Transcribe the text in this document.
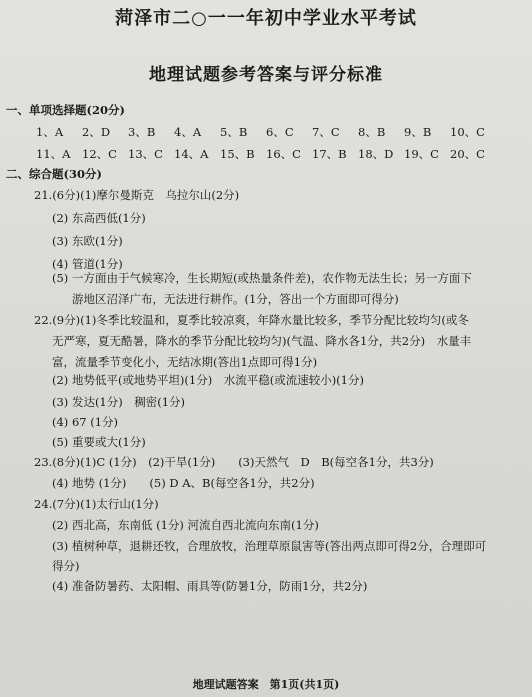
菏泽市二○一一年初中学业水平考试
地理试题参考答案与评分标准
一、单项选择题(20分)
1、A 2、D 3、B 4、A 5、B 6、C 7、C 8、B 9、B 10、C
11、A 12、C 13、C 14、A 15、B 16、C 17、B 18、D 19、C 20、C
二、综合题(30分)
21.(6分)(1)摩尔曼斯克　乌拉尔山(2分)
(2) 东高西低(1分)
(3) 东欧(1分)
(4) 管道(1分)
(5) 一方面由于气候寒冷，生长期短(或热量条件差)，农作物无法生长；另一方面下
游地区沼泽广布，无法进行耕作。(1分，答出一个方面即可得分)
22.(9分)(1)冬季比较温和，夏季比较凉爽，年降水量比较多，季节分配比较均匀(或冬
无严寒，夏无酷暑，降水的季节分配比较均匀)(气温、降水各1分，共2分)　水量丰
富，流量季节变化小，无结冰期(答出1点即可得1分)
(2) 地势低平(或地势平坦)(1分)　水流平稳(或流速较小)(1分)
(3) 发达(1分)　稠密(1分)
(4) 67 (1分)
(5) 重要或大(1分)
23.(8分)(1)C (1分)　(2)干旱(1分)　　(3)天然气　D　B(每空各1分，共3分)
(4) 地势 (1分)　　(5) D A、B(每空各1分，共2分)
24.(7分)(1)太行山(1分)
(2) 西北高，东南低 (1分) 河流自西北流向东南(1分)
(3) 植树种草，退耕还牧，合理放牧，治理草原鼠害等(答出两点即可得2分，合理即可
得分)
(4) 准备防暑药、太阳帽、雨具等(防暑1分，防雨1分，共2分)
地理试题答案　第1页(共1页)
